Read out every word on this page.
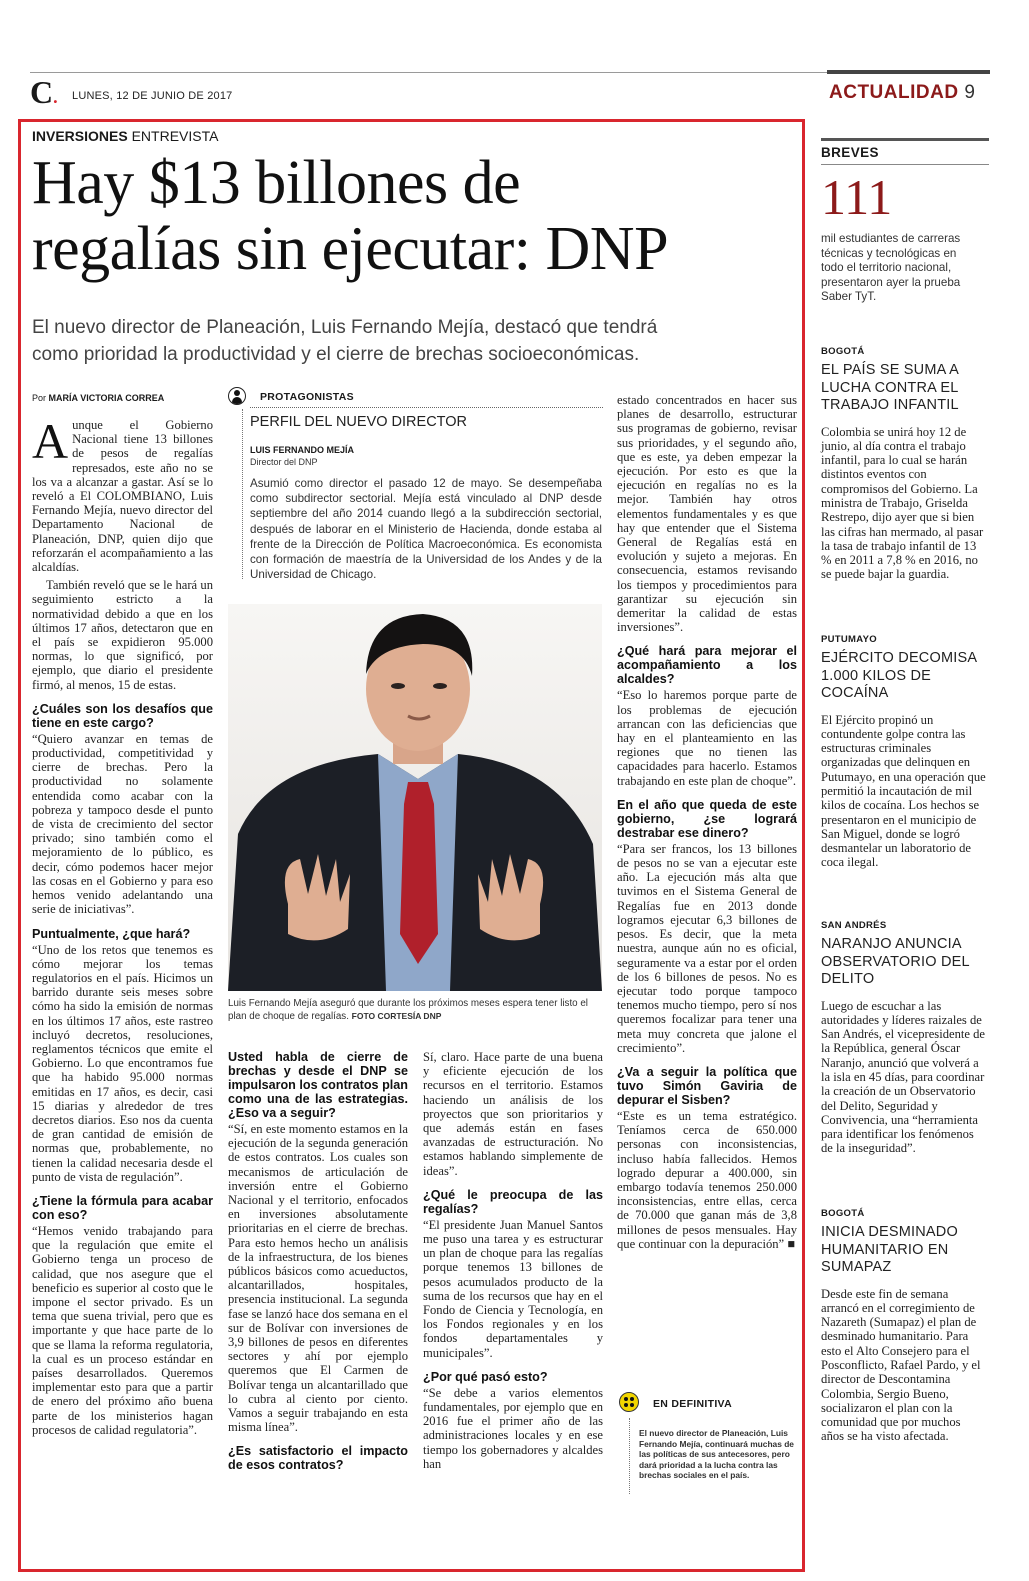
C. LUNES, 12 DE JUNIO DE 2017	ACTUALIDAD 9
INVERSIONES ENTREVISTA
Hay $13 billones de
regalías sin ejecutar: DNP
El nuevo director de Planeación, Luis Fernando Mejía, destacó que tendrá
como prioridad la productividad y el cierre de brechas socioeconómicas.
Por MARÍA VICTORIA CORREA

Aunque el Gobierno Nacional tiene 13 billones de pesos de regalías represados, este año no se los va a alcanzar a gastar. Así se lo reveló a El COLOMBIANO, Luis Fernando Mejía, nuevo director del Departamento Nacional de Planeación, DNP, quien dijo que reforzarán el acompañamiento a las alcaldías.

También reveló que se le hará un seguimiento estricto a la normatividad debido a que en los últimos 17 años, detectaron que en el país se expidieron 95.000 normas, lo que significó, por ejemplo, que diario el presidente firmó, al menos, 15 de estas.

¿Cuáles son los desafíos que tiene en este cargo?

“Quiero avanzar en temas de productividad, competitividad y cierre de brechas. Pero la productividad no solamente entendida como acabar con la pobreza y tampoco desde el punto de vista de crecimiento del sector privado; sino también como el mejoramiento de lo público, es decir, cómo podemos hacer mejor las cosas en el Gobierno y para eso hemos venido adelantando una serie de iniciativas”.

Puntualmente, ¿que hará?

“Uno de los retos que tenemos es cómo mejorar los temas regulatorios en el país. Hicimos un barrido durante seis meses sobre cómo ha sido la emisión de normas en los últimos 17 años, este rastreo incluyó decretos, resoluciones, reglamentos técnicos que emite el Gobierno. Lo que encontramos fue que ha habido 95.000 normas emitidas en 17 años, es decir, casi 15 diarias y alrededor de tres decretos diarios. Eso nos da cuenta de gran cantidad de emisión de normas que, probablemente, no tienen la calidad necesaria desde el punto de vista de regulación”.

¿Tiene la fórmula para acabar con eso?

“Hemos venido trabajando para que la regulación que emite el Gobierno tenga un proceso de calidad, que nos asegure que el beneficio es superior al costo que le impone el sector privado. Es un tema que suena trivial, pero que es importante y que hace parte de lo que se llama la reforma regulatoria, la cual es un proceso estándar en países desarrollados. Queremos implementar esto para que a partir de enero del próximo año buena parte de los ministerios hagan procesos de calidad regulatoria”.

PROTAGONISTAS
PERFIL DEL NUEVO DIRECTOR
LUIS FERNANDO MEJÍA
Director del DNP
Asumió como director el pasado 12 de mayo. Se desempeñaba como subdirector sectorial. Mejía está vinculado al DNP desde septiembre del año 2014 cuando llegó a la subdirección sectorial, después de laborar en el Ministerio de Hacienda, donde estaba al frente de la Dirección de Política Macroeconómica. Es economista con formación de maestría de la Universidad de los Andes y de la Universidad de Chicago.
Luis Fernando Mejía aseguró que durante los próximos meses espera tener listo el plan de choque de regalías. FOTO CORTESÍA DNP
Usted habla de cierre de brechas y desde el DNP se impulsaron los contratos plan como una de las estrategias. ¿Eso va a seguir?

“Sí, en este momento estamos en la ejecución de la segunda generación de estos contratos. Los cuales son mecanismos de articulación de inversión entre el Gobierno Nacional y el territorio, enfocados en inversiones absolutamente prioritarias en el cierre de brechas. Para esto hemos hecho un análisis de la infraestructura, de los bienes públicos básicos como acueductos, alcantarillados, hospitales, presencia institucional. La segunda fase se lanzó hace dos semana en el sur de Bolívar con inversiones de 3,9 billones de pesos en diferentes sectores y ahí por ejemplo queremos que El Carmen de Bolívar tenga un alcantarillado que lo cubra al ciento por ciento. Vamos a seguir trabajando en esta misma línea”.

¿Es satisfactorio el impacto de esos contratos?

Sí, claro. Hace parte de una buena y eficiente ejecución de los recursos en el territorio. Estamos haciendo un análisis de los proyectos que son prioritarios y que además están en fases avanzadas de estructuración. No estamos hablando simplemente de ideas”.

¿Qué le preocupa de las regalías?

“El presidente Juan Manuel Santos me puso una tarea y es estructurar un plan de choque para las regalías porque tenemos 13 billones de pesos acumulados producto de la suma de los recursos que hay en el Fondo de Ciencia y Tecnología, en los Fondos regionales y en los fondos departamentales y municipales”.

¿Por qué pasó esto?

“Se debe a varios elementos fundamentales, por ejemplo que en 2016 fue el primer año de las administraciones locales y en ese tiempo los gobernadores y alcaldes han

estado concentrados en hacer sus planes de desarrollo, estructurar sus programas de gobierno, revisar sus prioridades, y el segundo año, que es este, ya deben empezar la ejecución. Por esto es que la ejecución en regalías no es la mejor. También hay otros elementos fundamentales y es que hay que entender que el Sistema General de Regalías está en evolución y sujeto a mejoras. En consecuencia, estamos revisando los tiempos y procedimientos para garantizar su ejecución sin demeritar la calidad de estas inversiones”.

¿Qué hará para mejorar el acompañamiento a los alcaldes?

“Eso lo haremos porque parte de los problemas de ejecución arrancan con las deficiencias que hay en el planteamiento en las regiones que no tienen las capacidades para hacerlo. Estamos trabajando en este plan de choque”.

En el año que queda de este gobierno, ¿se logrará destrabar ese dinero?

“Para ser francos, los 13 billones de pesos no se van a ejecutar este año. La ejecución más alta que tuvimos en el Sistema General de Regalías fue en 2013 donde logramos ejecutar 6,3 billones de pesos. Es decir, que la meta nuestra, aunque aún no es oficial, seguramente va a estar por el orden de los 6 billones de pesos. No es ejecutar todo porque tampoco tenemos mucho tiempo, pero sí nos queremos focalizar para tener una meta muy concreta que jalone el crecimiento”.

¿Va a seguir la política que tuvo Simón Gaviria de depurar el Sisben?

“Este es un tema estratégico. Teníamos cerca de 650.000 personas con inconsistencias, incluso había fallecidos. Hemos logrado depurar a 400.000, sin embargo todavía tenemos 250.000 inconsistencias, entre ellas, cerca de 70.000 que ganan más de 3,8 millones de pesos mensuales. Hay que continuar con la depuración” ■

EN DEFINITIVA
El nuevo director de Planeación, Luis Fernando Mejía, continuará muchas de las políticas de sus antecesores, pero dará prioridad a la lucha contra las brechas sociales en el país.
BREVES
111
mil estudiantes de carreras técnicas y tecnológicas en todo el territorio nacional, presentaron ayer la prueba Saber TyT.
BOGOTÁ
EL PAÍS SE SUMA A LUCHA CONTRA EL TRABAJO INFANTIL
Colombia se unirá hoy 12 de junio, al día contra el trabajo infantil, para lo cual se harán distintos eventos con compromisos del Gobierno. La ministra de Trabajo, Griselda Restrepo, dijo ayer que si bien las cifras han mermado, al pasar la tasa de trabajo infantil de 13 % en 2011 a 7,8 % en 2016, no se puede bajar la guardia.
PUTUMAYO
EJÉRCITO DECOMISA 1.000 KILOS DE COCAÍNA
El Ejército propinó un contundente golpe contra las estructuras criminales organizadas que delinquen en Putumayo, en una operación que permitió la incautación de mil kilos de cocaína. Los hechos se presentaron en el municipio de San Miguel, donde se logró desmantelar un laboratorio de coca ilegal.
SAN ANDRÉS
NARANJO ANUNCIA OBSERVATORIO DEL DELITO
Luego de escuchar a las autoridades y líderes raizales de San Andrés, el vicepresidente de la República, general Óscar Naranjo, anunció que volverá a la isla en 45 días, para coordinar la creación de un Observatorio del Delito, Seguridad y Convivencia, una “herramienta para identificar los fenómenos de la inseguridad”.
BOGOTÁ
INICIA DESMINADO HUMANITARIO EN SUMAPAZ
Desde este fin de semana arrancó en el corregimiento de Nazareth (Sumapaz) el plan de desminado humanitario. Para esto el Alto Consejero para el Posconflicto, Rafael Pardo, y el director de Descontamina Colombia, Sergio Bueno, socializaron el plan con la comunidad que por muchos años se ha visto afectada.
